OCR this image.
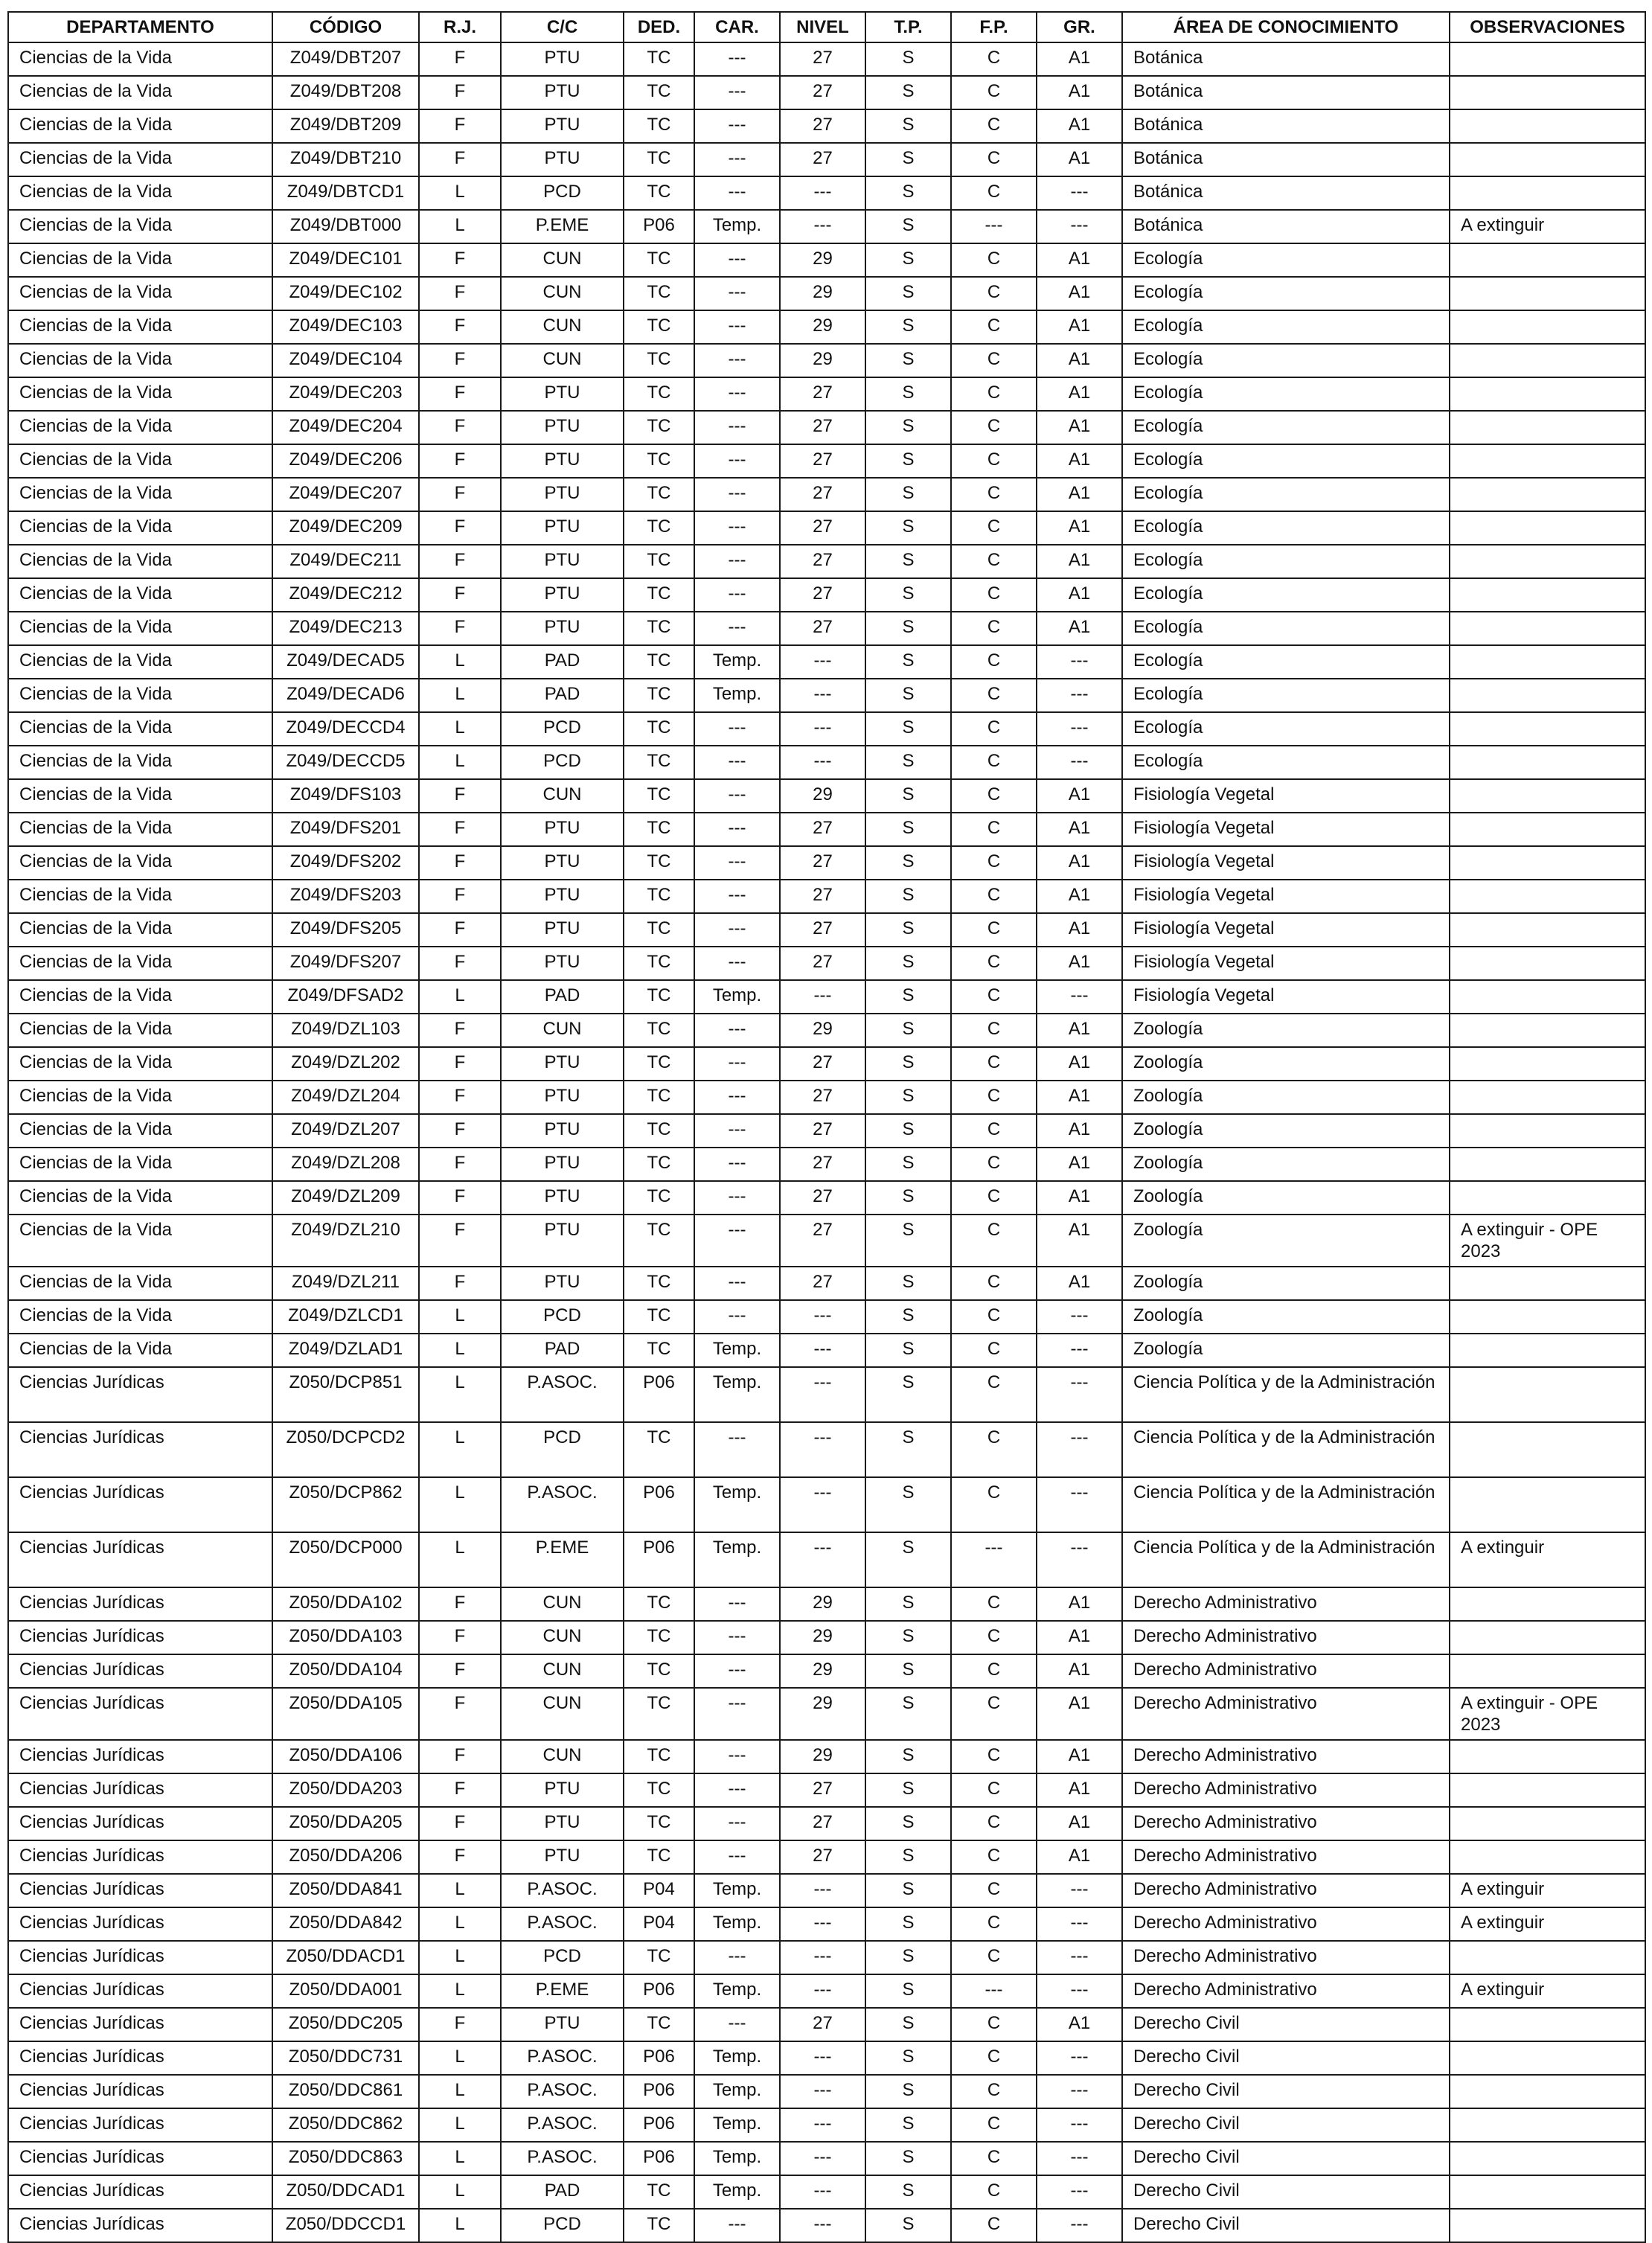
DEPARTAMENTO	CÓDIGO	R.J.	C/C	DED.	CAR.	NIVEL	T.P.	F.P.	GR.	ÁREA DE CONOCIMIENTO	OBSERVACIONES
Ciencias de la Vida	Z049/DBT207	F	PTU	TC	---	27	S	C	A1	Botánica	
Ciencias de la Vida	Z049/DBT208	F	PTU	TC	---	27	S	C	A1	Botánica	
Ciencias de la Vida	Z049/DBT209	F	PTU	TC	---	27	S	C	A1	Botánica	
Ciencias de la Vida	Z049/DBT210	F	PTU	TC	---	27	S	C	A1	Botánica	
Ciencias de la Vida	Z049/DBTCD1	L	PCD	TC	---	---	S	C	---	Botánica	
Ciencias de la Vida	Z049/DBT000	L	P.EME	P06	Temp.	---	S	---	---	Botánica	A extinguir
Ciencias de la Vida	Z049/DEC101	F	CUN	TC	---	29	S	C	A1	Ecología	
Ciencias de la Vida	Z049/DEC102	F	CUN	TC	---	29	S	C	A1	Ecología	
Ciencias de la Vida	Z049/DEC103	F	CUN	TC	---	29	S	C	A1	Ecología	
Ciencias de la Vida	Z049/DEC104	F	CUN	TC	---	29	S	C	A1	Ecología	
Ciencias de la Vida	Z049/DEC203	F	PTU	TC	---	27	S	C	A1	Ecología	
Ciencias de la Vida	Z049/DEC204	F	PTU	TC	---	27	S	C	A1	Ecología	
Ciencias de la Vida	Z049/DEC206	F	PTU	TC	---	27	S	C	A1	Ecología	
Ciencias de la Vida	Z049/DEC207	F	PTU	TC	---	27	S	C	A1	Ecología	
Ciencias de la Vida	Z049/DEC209	F	PTU	TC	---	27	S	C	A1	Ecología	
Ciencias de la Vida	Z049/DEC211	F	PTU	TC	---	27	S	C	A1	Ecología	
Ciencias de la Vida	Z049/DEC212	F	PTU	TC	---	27	S	C	A1	Ecología	
Ciencias de la Vida	Z049/DEC213	F	PTU	TC	---	27	S	C	A1	Ecología	
Ciencias de la Vida	Z049/DECAD5	L	PAD	TC	Temp.	---	S	C	---	Ecología	
Ciencias de la Vida	Z049/DECAD6	L	PAD	TC	Temp.	---	S	C	---	Ecología	
Ciencias de la Vida	Z049/DECCD4	L	PCD	TC	---	---	S	C	---	Ecología	
Ciencias de la Vida	Z049/DECCD5	L	PCD	TC	---	---	S	C	---	Ecología	
Ciencias de la Vida	Z049/DFS103	F	CUN	TC	---	29	S	C	A1	Fisiología Vegetal	
Ciencias de la Vida	Z049/DFS201	F	PTU	TC	---	27	S	C	A1	Fisiología Vegetal	
Ciencias de la Vida	Z049/DFS202	F	PTU	TC	---	27	S	C	A1	Fisiología Vegetal	
Ciencias de la Vida	Z049/DFS203	F	PTU	TC	---	27	S	C	A1	Fisiología Vegetal	
Ciencias de la Vida	Z049/DFS205	F	PTU	TC	---	27	S	C	A1	Fisiología Vegetal	
Ciencias de la Vida	Z049/DFS207	F	PTU	TC	---	27	S	C	A1	Fisiología Vegetal	
Ciencias de la Vida	Z049/DFSAD2	L	PAD	TC	Temp.	---	S	C	---	Fisiología Vegetal	
Ciencias de la Vida	Z049/DZL103	F	CUN	TC	---	29	S	C	A1	Zoología	
Ciencias de la Vida	Z049/DZL202	F	PTU	TC	---	27	S	C	A1	Zoología	
Ciencias de la Vida	Z049/DZL204	F	PTU	TC	---	27	S	C	A1	Zoología	
Ciencias de la Vida	Z049/DZL207	F	PTU	TC	---	27	S	C	A1	Zoología	
Ciencias de la Vida	Z049/DZL208	F	PTU	TC	---	27	S	C	A1	Zoología	
Ciencias de la Vida	Z049/DZL209	F	PTU	TC	---	27	S	C	A1	Zoología	
Ciencias de la Vida	Z049/DZL210	F	PTU	TC	---	27	S	C	A1	Zoología	A extinguir - OPE 2023
Ciencias de la Vida	Z049/DZL211	F	PTU	TC	---	27	S	C	A1	Zoología	
Ciencias de la Vida	Z049/DZLCD1	L	PCD	TC	---	---	S	C	---	Zoología	
Ciencias de la Vida	Z049/DZLAD1	L	PAD	TC	Temp.	---	S	C	---	Zoología	
Ciencias Jurídicas	Z050/DCP851	L	P.ASOC.	P06	Temp.	---	S	C	---	Ciencia Política y de la Administración	
Ciencias Jurídicas	Z050/DCPCD2	L	PCD	TC	---	---	S	C	---	Ciencia Política y de la Administración	
Ciencias Jurídicas	Z050/DCP862	L	P.ASOC.	P06	Temp.	---	S	C	---	Ciencia Política y de la Administración	
Ciencias Jurídicas	Z050/DCP000	L	P.EME	P06	Temp.	---	S	---	---	Ciencia Política y de la Administración	A extinguir
Ciencias Jurídicas	Z050/DDA102	F	CUN	TC	---	29	S	C	A1	Derecho Administrativo	
Ciencias Jurídicas	Z050/DDA103	F	CUN	TC	---	29	S	C	A1	Derecho Administrativo	
Ciencias Jurídicas	Z050/DDA104	F	CUN	TC	---	29	S	C	A1	Derecho Administrativo	
Ciencias Jurídicas	Z050/DDA105	F	CUN	TC	---	29	S	C	A1	Derecho Administrativo	A extinguir - OPE 2023
Ciencias Jurídicas	Z050/DDA106	F	CUN	TC	---	29	S	C	A1	Derecho Administrativo	
Ciencias Jurídicas	Z050/DDA203	F	PTU	TC	---	27	S	C	A1	Derecho Administrativo	
Ciencias Jurídicas	Z050/DDA205	F	PTU	TC	---	27	S	C	A1	Derecho Administrativo	
Ciencias Jurídicas	Z050/DDA206	F	PTU	TC	---	27	S	C	A1	Derecho Administrativo	
Ciencias Jurídicas	Z050/DDA841	L	P.ASOC.	P04	Temp.	---	S	C	---	Derecho Administrativo	A extinguir
Ciencias Jurídicas	Z050/DDA842	L	P.ASOC.	P04	Temp.	---	S	C	---	Derecho Administrativo	A extinguir
Ciencias Jurídicas	Z050/DDACD1	L	PCD	TC	---	---	S	C	---	Derecho Administrativo	
Ciencias Jurídicas	Z050/DDA001	L	P.EME	P06	Temp.	---	S	---	---	Derecho Administrativo	A extinguir
Ciencias Jurídicas	Z050/DDC205	F	PTU	TC	---	27	S	C	A1	Derecho Civil	
Ciencias Jurídicas	Z050/DDC731	L	P.ASOC.	P06	Temp.	---	S	C	---	Derecho Civil	
Ciencias Jurídicas	Z050/DDC861	L	P.ASOC.	P06	Temp.	---	S	C	---	Derecho Civil	
Ciencias Jurídicas	Z050/DDC862	L	P.ASOC.	P06	Temp.	---	S	C	---	Derecho Civil	
Ciencias Jurídicas	Z050/DDC863	L	P.ASOC.	P06	Temp.	---	S	C	---	Derecho Civil	
Ciencias Jurídicas	Z050/DDCAD1	L	PAD	TC	Temp.	---	S	C	---	Derecho Civil	
Ciencias Jurídicas	Z050/DDCCD1	L	PCD	TC	---	---	S	C	---	Derecho Civil	
